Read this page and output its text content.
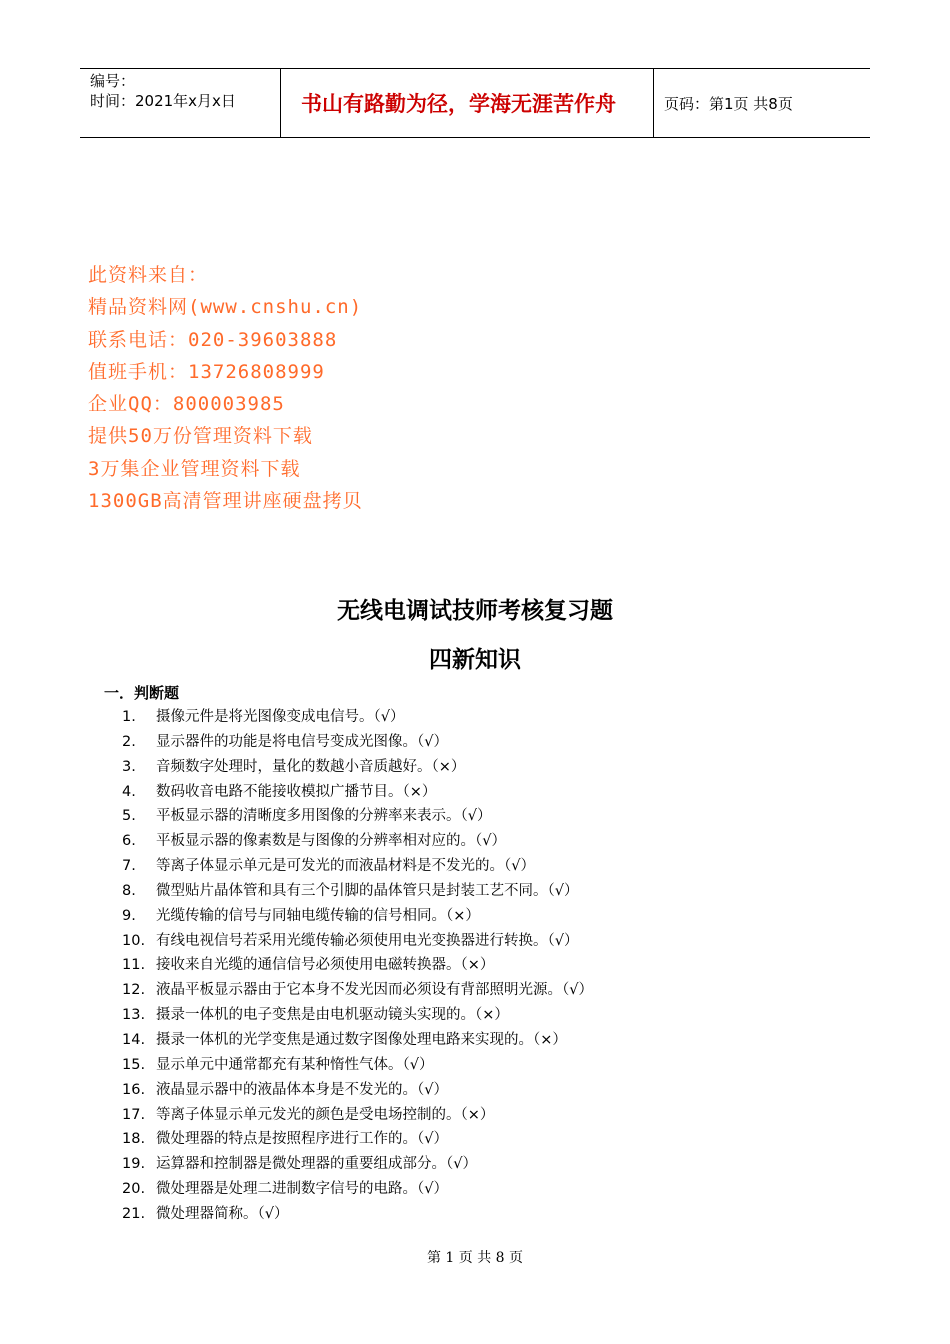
编号：
时间：2021年x月x日	书山有路勤为径，学海无涯苦作舟	页码：第1页 共8页
此资料来自：
精品资料网(www.cnshu.cn)
联系电话：020-39603888
值班手机：13726808999
企业QQ：800003985
提供50万份管理资料下载
3万集企业管理资料下载
1300GB高清管理讲座硬盘拷贝
无线电调试技师考核复习题
四新知识
一．判断题
1. 摄像元件是将光图像变成电信号。（√）
2. 显示器件的功能是将电信号变成光图像。（√）
3. 音频数字处理时，量化的数越小音质越好。（×）
4. 数码收音电路不能接收模拟广播节目。（×）
5. 平板显示器的清晰度多用图像的分辨率来表示。（√）
6. 平板显示器的像素数是与图像的分辨率相对应的。（√）
7. 等离子体显示单元是可发光的而液晶材料是不发光的。（√）
8. 微型贴片晶体管和具有三个引脚的晶体管只是封装工艺不同。（√）
9. 光缆传输的信号与同轴电缆传输的信号相同。（×）
10. 有线电视信号若采用光缆传输必须使用电光变换器进行转换。（√）
11. 接收来自光缆的通信信号必须使用电磁转换器。（×）
12. 液晶平板显示器由于它本身不发光因而必须设有背部照明光源。（√）
13. 摄录一体机的电子变焦是由电机驱动镜头实现的。（×）
14. 摄录一体机的光学变焦是通过数字图像处理电路来实现的。（×）
15. 显示单元中通常都充有某种惰性气体。（√）
16. 液晶显示器中的液晶体本身是不发光的。（√）
17. 等离子体显示单元发光的颜色是受电场控制的。（×）
18. 微处理器的特点是按照程序进行工作的。（√）
19. 运算器和控制器是微处理器的重要组成部分。（√）
20. 微处理器是处理二进制数字信号的电路。（√）
21. 微处理器简称。（√）
第 1 页 共 8 页
